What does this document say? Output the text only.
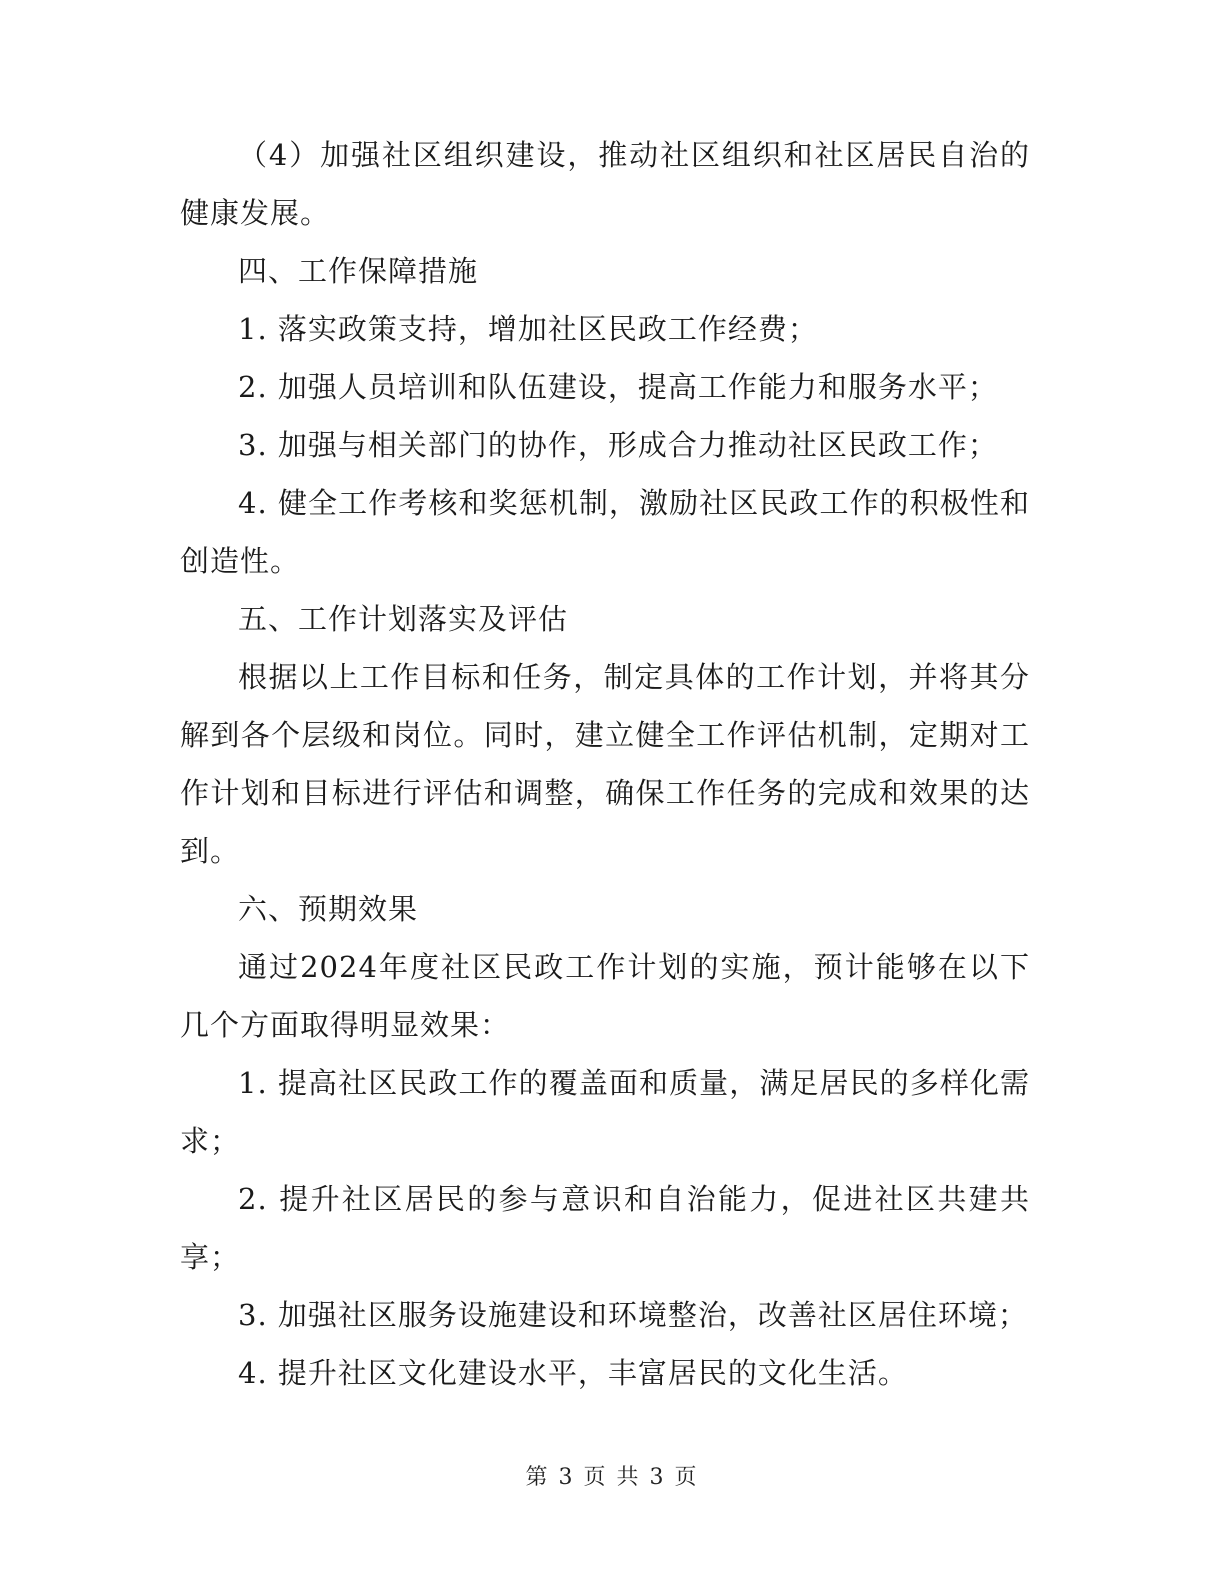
（4）加强社区组织建设，推动社区组织和社区居民自治的健康发展。

四、工作保障措施

1. 落实政策支持，增加社区民政工作经费；

2. 加强人员培训和队伍建设，提高工作能力和服务水平；

3. 加强与相关部门的协作，形成合力推动社区民政工作；

4. 健全工作考核和奖惩机制，激励社区民政工作的积极性和创造性。

五、工作计划落实及评估

根据以上工作目标和任务，制定具体的工作计划，并将其分解到各个层级和岗位。同时，建立健全工作评估机制，定期对工作计划和目标进行评估和调整，确保工作任务的完成和效果的达到。

六、预期效果

通过2024年度社区民政工作计划的实施，预计能够在以下几个方面取得明显效果：

1. 提高社区民政工作的覆盖面和质量，满足居民的多样化需求；

2. 提升社区居民的参与意识和自治能力，促进社区共建共享；

3. 加强社区服务设施建设和环境整治，改善社区居住环境；

4. 提升社区文化建设水平，丰富居民的文化生活。

第 3 页 共 3 页
